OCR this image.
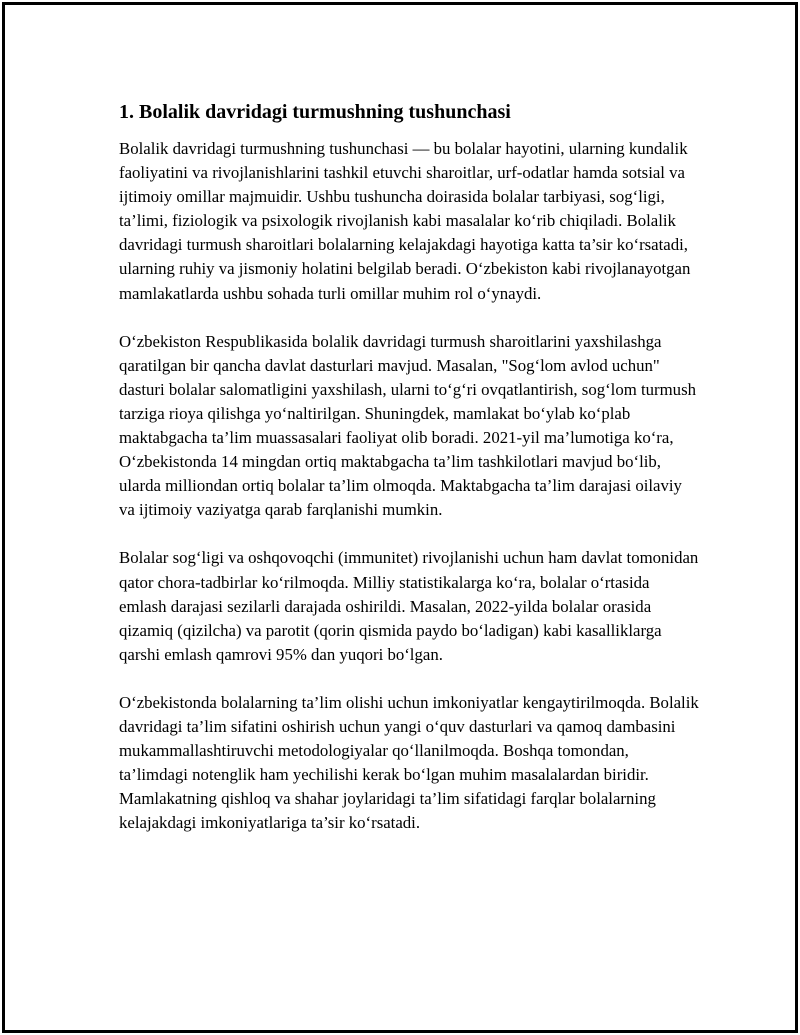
1. Bolalik davridagi turmushning tushunchasi

Bolalik davridagi turmushning tushunchasi — bu bolalar hayotini, ularning kundalik faoliyatini va rivojlanishlarini tashkil etuvchi sharoitlar, urf-odatlar hamda sotsial va ijtimoiy omillar majmuidir. Ushbu tushuncha doirasida bolalar tarbiyasi, sog‘ligi, ta’limi, fiziologik va psixologik rivojlanish kabi masalalar ko‘rib chiqiladi. Bolalik davridagi turmush sharoitlari bolalarning kelajakdagi hayotiga katta ta’sir ko‘rsatadi, ularning ruhiy va jismoniy holatini belgilab beradi. O‘zbekiston kabi rivojlanayotgan mamlakatlarda ushbu sohada turli omillar muhim rol o‘ynaydi.

O‘zbekiston Respublikasida bolalik davridagi turmush sharoitlarini yaxshilashga qaratilgan bir qancha davlat dasturlari mavjud. Masalan, "Sog‘lom avlod uchun" dasturi bolalar salomatligini yaxshilash, ularni to‘g‘ri ovqatlantirish, sog‘lom turmush tarziga rioya qilishga yo‘naltirilgan. Shuningdek, mamlakat bo‘ylab ko‘plab maktabgacha ta’lim muassasalari faoliyat olib boradi. 2021-yil ma’lumotiga ko‘ra, O‘zbekistonda 14 mingdan ortiq maktabgacha ta’lim tashkilotlari mavjud bo‘lib, ularda milliondan ortiq bolalar ta’lim olmoqda. Maktabgacha ta’lim darajasi oilaviy va ijtimoiy vaziyatga qarab farqlanishi mumkin.

Bolalar sog‘ligi va oshqovoqchi (immunitet) rivojlanishi uchun ham davlat tomonidan qator chora-tadbirlar ko‘rilmoqda. Milliy statistikalarga ko‘ra, bolalar o‘rtasida emlash darajasi sezilarli darajada oshirildi. Masalan, 2022-yilda bolalar orasida qizamiq (qizilcha) va parotit (qorin qismida paydo bo‘ladigan) kabi kasalliklarga qarshi emlash qamrovi 95% dan yuqori bo‘lgan.

O‘zbekistonda bolalarning ta’lim olishi uchun imkoniyatlar kengaytirilmoqda. Bolalik davridagi ta’lim sifatini oshirish uchun yangi o‘quv dasturlari va qamoq dambasini mukammallashtiruvchi metodologiyalar qo‘llanilmoqda. Boshqa tomondan, ta’limdagi notenglik ham yechilishi kerak bo‘lgan muhim masalalardan biridir. Mamlakatning qishloq va shahar joylaridagi ta’lim sifatidagi farqlar bolalarning kelajakdagi imkoniyatlariga ta’sir ko‘rsatadi.
